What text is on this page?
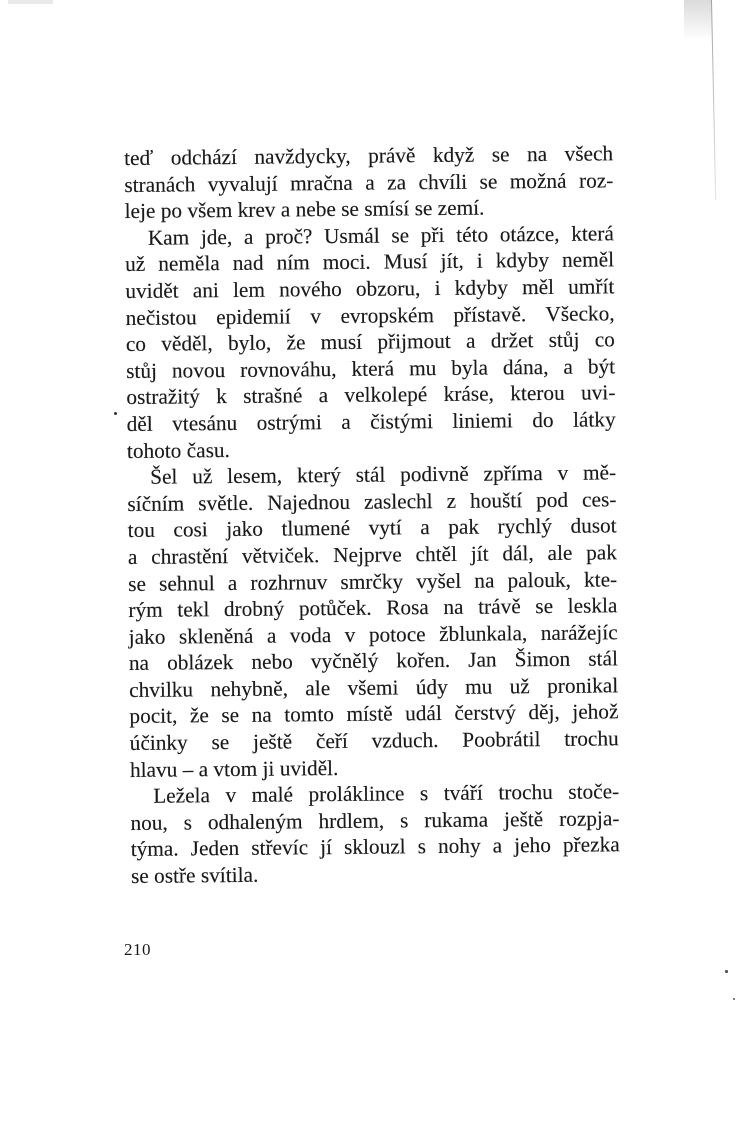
teď odchází navždycky, právě když se na všech
stranách vyvalují mračna a za chvíli se možná roz-
leje po všem krev a nebe se smísí se zemí.
Kam jde, a proč? Usmál se při této otázce, která
už neměla nad ním moci. Musí jít, i kdyby neměl
uvidět ani lem nového obzoru, i kdyby měl umřít
nečistou epidemií v evropském přístavě. Všecko,
co věděl, bylo, že musí přijmout a držet stůj co
stůj novou rovnováhu, která mu byla dána, a být
ostražitý k strašné a velkolepé kráse, kterou uvi-
děl vtesánu ostrými a čistými liniemi do látky
tohoto času.
Šel už lesem, který stál podivně zpříma v mě-
síčním světle. Najednou zaslechl z houští pod ces-
tou cosi jako tlumené vytí a pak rychlý dusot
a chrastění větviček. Nejprve chtěl jít dál, ale pak
se sehnul a rozhrnuv smrčky vyšel na palouk, kte-
rým tekl drobný potůček. Rosa na trávě se leskla
jako skleněná a voda v potoce žblunkala, narážejíc
na oblázek nebo vyčnělý kořen. Jan Šimon stál
chvilku nehybně, ale všemi údy mu už pronikal
pocit, že se na tomto místě udál čerstvý děj, jehož
účinky se ještě čeří vzduch. Poobrátil trochu
hlavu – a vtom ji uviděl.
Ležela v malé proláklince s tváří trochu stoče-
nou, s odhaleným hrdlem, s rukama ještě rozpja-
týma. Jeden střevíc jí sklouzl s nohy a jeho přezka
se ostře svítila.
210
